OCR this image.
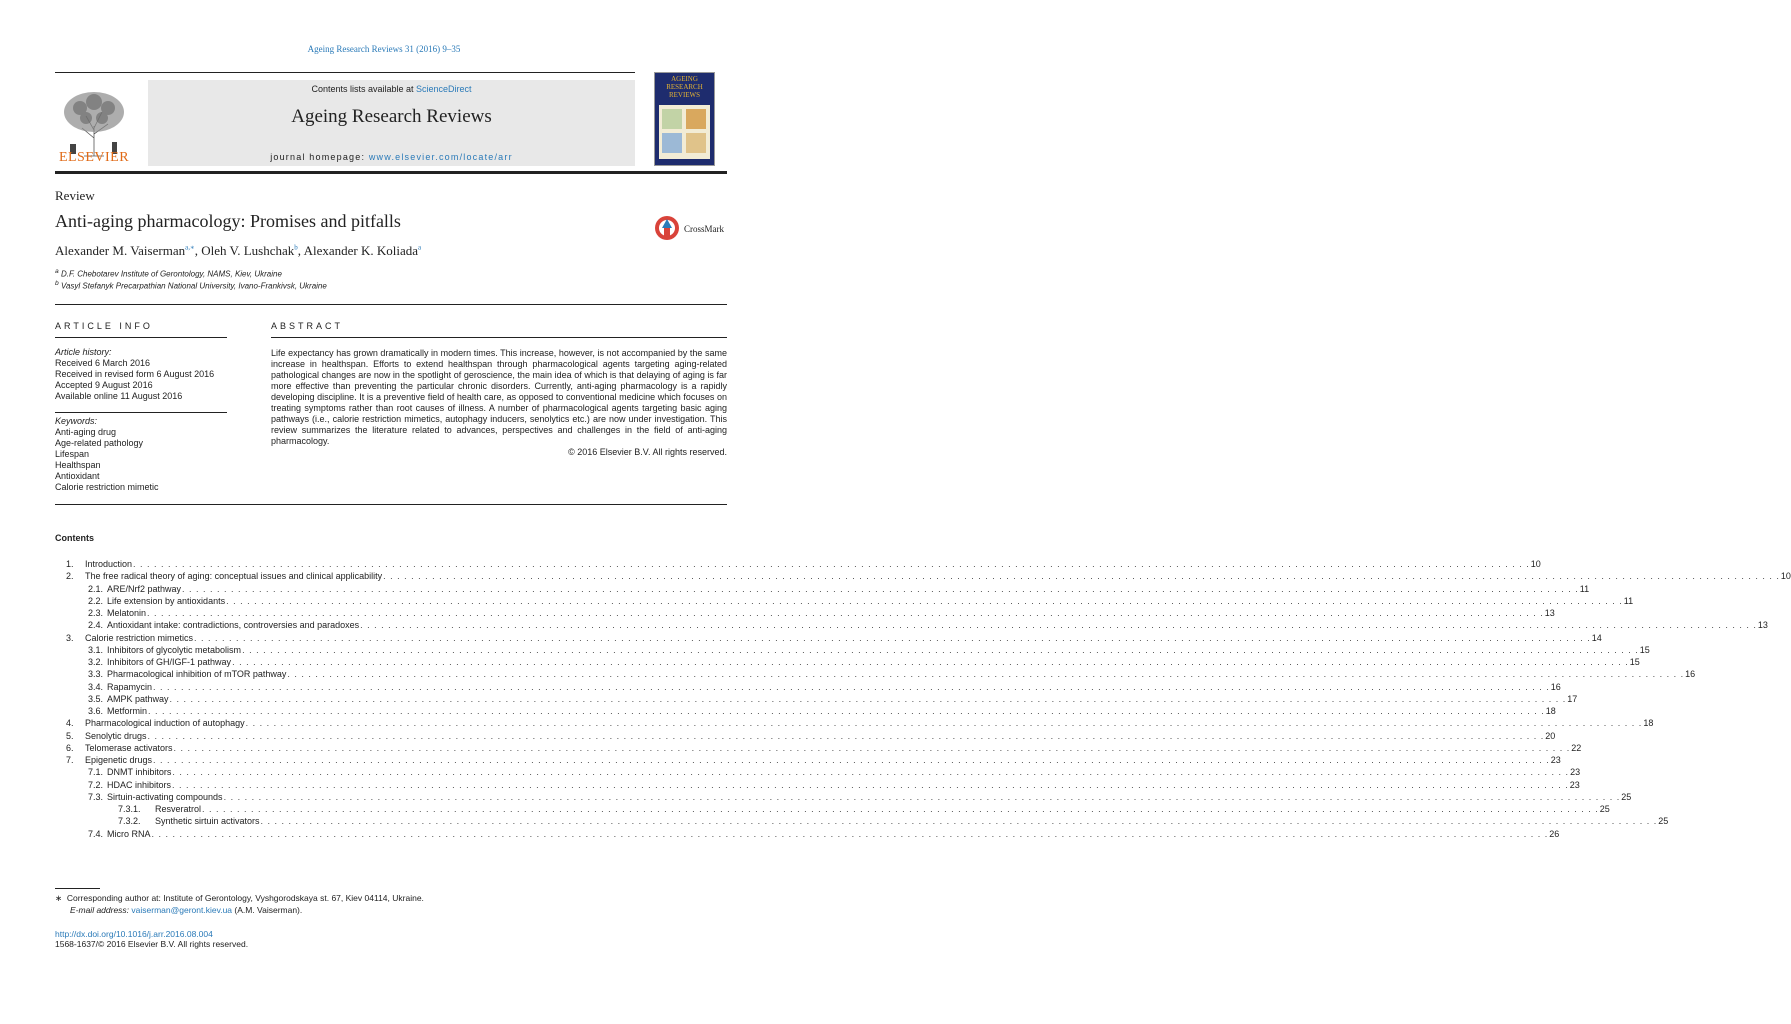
Ageing Research Reviews 31 (2016) 9–35
ELSEVIER
Contents lists available at ScienceDirect
Ageing Research Reviews
journal homepage: www.elsevier.com/locate/arr
AGEING RESEARCH REVIEWS
Review
Anti-aging pharmacology: Promises and pitfalls	CrossMark
Alexander M. Vaiserman$^{a,∗}$, Oleh V. Lushchak$^b$, Alexander K. Koliada$^a$
$^a$ D.F. Chebotarev Institute of Gerontology, NAMS, Kiev, Ukraine
$^b$ Vasyl Stefanyk Precarpathian National University, Ivano-Frankivsk, Ukraine
ARTICLE INFO
Article history:
Received 6 March 2016
Received in revised form 6 August 2016
Accepted 9 August 2016
Available online 11 August 2016
Keywords:
Anti-aging drug
Age-related pathology
Lifespan
Healthspan
Antioxidant
Calorie restriction mimetic
ABSTRACT
Life expectancy has grown dramatically in modern times. This increase, however, is not accompanied by the same increase in healthspan. Efforts to extend healthspan through pharmacological agents targeting aging-related pathological changes are now in the spotlight of geroscience, the main idea of which is that delaying of aging is far more effective than preventing the particular chronic disorders. Currently, anti-aging pharmacology is a rapidly developing discipline. It is a preventive field of health care, as opposed to conventional medicine which focuses on treating symptoms rather than root causes of illness. A number of pharmacological agents targeting basic aging pathways (i.e., calorie restriction mimetics, autophagy inducers, senolytics etc.) are now under investigation. This review summarizes the literature related to advances, perspectives and challenges in the field of anti-aging pharmacology.
© 2016 Elsevier B.V. All rights reserved.
Contents
1. Introduction . . . . . . . . . . . . . . . . . . . . . . . . . . . . . . . . . . . . . . . . . . . . . . . . . . . . . . . . . . . . . . . . . . . . . . . . . . . . . . . . . . . . . . . . . . . . . . . . . . . . . . . . . . . . . . . . . . . . . . . . . . . . . . . . . . . . . . . . . . . . . . . . . . . . . . . . . . . . . . . . . . . . . . . . . . . . . . . . . . . . . . . . . . . . . . . . . . . . . . . . 10
2. The free radical theory of aging: conceptual issues and clinical applicability . . . . . . . . . . . . . . . . . . . . . . . . . . . . . . . . . . . . . . . . . . . . . . . . . . . . . . . . . . . . . . . . . . . . . . . . . . . . . . . . . . . . . . . . . . . . . . . . . . . . . . . . . . . . . . . . . . . . . . . . . . . . . . . . . . . . . . . . . . . . . . . . . . . . . . . . . . . . . . . . . . . . . . . . . . . . . . . . . . . . . . . . . . . . . . . . . . . . . . . . 10
2.1. ARE/Nrf2 pathway . . . . . . . . . . . . . . . . . . . . . . . . . . . . . . . . . . . . . . . . . . . . . . . . . . . . . . . . . . . . . . . . . . . . . . . . . . . . . . . . . . . . . . . . . . . . . . . . . . . . . . . . . . . . . . . . . . . . . . . . . . . . . . . . . . . . . . . . . . . . . . . . . . . . . . . . . . . . . . . . . . . . . . . . . . . . . . . . . . . . . . . . . . . . . . . . . . . . . . . . 11
2.2. Life extension by antioxidants . . . . . . . . . . . . . . . . . . . . . . . . . . . . . . . . . . . . . . . . . . . . . . . . . . . . . . . . . . . . . . . . . . . . . . . . . . . . . . . . . . . . . . . . . . . . . . . . . . . . . . . . . . . . . . . . . . . . . . . . . . . . . . . . . . . . . . . . . . . . . . . . . . . . . . . . . . . . . . . . . . . . . . . . . . . . . . . . . . . . . . . . . . . . . . . . . . . . . . . . 11
2.3. Melatonin . . . . . . . . . . . . . . . . . . . . . . . . . . . . . . . . . . . . . . . . . . . . . . . . . . . . . . . . . . . . . . . . . . . . . . . . . . . . . . . . . . . . . . . . . . . . . . . . . . . . . . . . . . . . . . . . . . . . . . . . . . . . . . . . . . . . . . . . . . . . . . . . . . . . . . . . . . . . . . . . . . . . . . . . . . . . . . . . . . . . . . . . . . . . . . . . . . . . . . . . 13
2.4. Antioxidant intake: contradictions, controversies and paradoxes . . . . . . . . . . . . . . . . . . . . . . . . . . . . . . . . . . . . . . . . . . . . . . . . . . . . . . . . . . . . . . . . . . . . . . . . . . . . . . . . . . . . . . . . . . . . . . . . . . . . . . . . . . . . . . . . . . . . . . . . . . . . . . . . . . . . . . . . . . . . . . . . . . . . . . . . . . . . . . . . . . . . . . . . . . . . . . . . . . . . . . . . . . . . . . . . . . . . . . . . 13
3. Calorie restriction mimetics . . . . . . . . . . . . . . . . . . . . . . . . . . . . . . . . . . . . . . . . . . . . . . . . . . . . . . . . . . . . . . . . . . . . . . . . . . . . . . . . . . . . . . . . . . . . . . . . . . . . . . . . . . . . . . . . . . . . . . . . . . . . . . . . . . . . . . . . . . . . . . . . . . . . . . . . . . . . . . . . . . . . . . . . . . . . . . . . . . . . . . . . . . . . . . . . . . . . . . . . 14
3.1. Inhibitors of glycolytic metabolism . . . . . . . . . . . . . . . . . . . . . . . . . . . . . . . . . . . . . . . . . . . . . . . . . . . . . . . . . . . . . . . . . . . . . . . . . . . . . . . . . . . . . . . . . . . . . . . . . . . . . . . . . . . . . . . . . . . . . . . . . . . . . . . . . . . . . . . . . . . . . . . . . . . . . . . . . . . . . . . . . . . . . . . . . . . . . . . . . . . . . . . . . . . . . . . . . . . . . . . . 15
3.2. Inhibitors of GH/IGF-1 pathway . . . . . . . . . . . . . . . . . . . . . . . . . . . . . . . . . . . . . . . . . . . . . . . . . . . . . . . . . . . . . . . . . . . . . . . . . . . . . . . . . . . . . . . . . . . . . . . . . . . . . . . . . . . . . . . . . . . . . . . . . . . . . . . . . . . . . . . . . . . . . . . . . . . . . . . . . . . . . . . . . . . . . . . . . . . . . . . . . . . . . . . . . . . . . . . . . . . . . . . . 15
3.3. Pharmacological inhibition of mTOR pathway . . . . . . . . . . . . . . . . . . . . . . . . . . . . . . . . . . . . . . . . . . . . . . . . . . . . . . . . . . . . . . . . . . . . . . . . . . . . . . . . . . . . . . . . . . . . . . . . . . . . . . . . . . . . . . . . . . . . . . . . . . . . . . . . . . . . . . . . . . . . . . . . . . . . . . . . . . . . . . . . . . . . . . . . . . . . . . . . . . . . . . . . . . . . . . . . . . . . . . . . 16
3.4. Rapamycin . . . . . . . . . . . . . . . . . . . . . . . . . . . . . . . . . . . . . . . . . . . . . . . . . . . . . . . . . . . . . . . . . . . . . . . . . . . . . . . . . . . . . . . . . . . . . . . . . . . . . . . . . . . . . . . . . . . . . . . . . . . . . . . . . . . . . . . . . . . . . . . . . . . . . . . . . . . . . . . . . . . . . . . . . . . . . . . . . . . . . . . . . . . . . . . . . . . . . . . . 16
3.5. AMPK pathway . . . . . . . . . . . . . . . . . . . . . . . . . . . . . . . . . . . . . . . . . . . . . . . . . . . . . . . . . . . . . . . . . . . . . . . . . . . . . . . . . . . . . . . . . . . . . . . . . . . . . . . . . . . . . . . . . . . . . . . . . . . . . . . . . . . . . . . . . . . . . . . . . . . . . . . . . . . . . . . . . . . . . . . . . . . . . . . . . . . . . . . . . . . . . . . . . . . . . . . . 17
3.6. Metformin . . . . . . . . . . . . . . . . . . . . . . . . . . . . . . . . . . . . . . . . . . . . . . . . . . . . . . . . . . . . . . . . . . . . . . . . . . . . . . . . . . . . . . . . . . . . . . . . . . . . . . . . . . . . . . . . . . . . . . . . . . . . . . . . . . . . . . . . . . . . . . . . . . . . . . . . . . . . . . . . . . . . . . . . . . . . . . . . . . . . . . . . . . . . . . . . . . . . . . . . 18
4. Pharmacological induction of autophagy . . . . . . . . . . . . . . . . . . . . . . . . . . . . . . . . . . . . . . . . . . . . . . . . . . . . . . . . . . . . . . . . . . . . . . . . . . . . . . . . . . . . . . . . . . . . . . . . . . . . . . . . . . . . . . . . . . . . . . . . . . . . . . . . . . . . . . . . . . . . . . . . . . . . . . . . . . . . . . . . . . . . . . . . . . . . . . . . . . . . . . . . . . . . . . . . . . . . . . . . 18
5. Senolytic drugs . . . . . . . . . . . . . . . . . . . . . . . . . . . . . . . . . . . . . . . . . . . . . . . . . . . . . . . . . . . . . . . . . . . . . . . . . . . . . . . . . . . . . . . . . . . . . . . . . . . . . . . . . . . . . . . . . . . . . . . . . . . . . . . . . . . . . . . . . . . . . . . . . . . . . . . . . . . . . . . . . . . . . . . . . . . . . . . . . . . . . . . . . . . . . . . . . . . . . . . . 20
6. Telomerase activators . . . . . . . . . . . . . . . . . . . . . . . . . . . . . . . . . . . . . . . . . . . . . . . . . . . . . . . . . . . . . . . . . . . . . . . . . . . . . . . . . . . . . . . . . . . . . . . . . . . . . . . . . . . . . . . . . . . . . . . . . . . . . . . . . . . . . . . . . . . . . . . . . . . . . . . . . . . . . . . . . . . . . . . . . . . . . . . . . . . . . . . . . . . . . . . . . . . . . . . . 22
7. Epigenetic drugs . . . . . . . . . . . . . . . . . . . . . . . . . . . . . . . . . . . . . . . . . . . . . . . . . . . . . . . . . . . . . . . . . . . . . . . . . . . . . . . . . . . . . . . . . . . . . . . . . . . . . . . . . . . . . . . . . . . . . . . . . . . . . . . . . . . . . . . . . . . . . . . . . . . . . . . . . . . . . . . . . . . . . . . . . . . . . . . . . . . . . . . . . . . . . . . . . . . . . . . . 23
7.1. DNMT inhibitors . . . . . . . . . . . . . . . . . . . . . . . . . . . . . . . . . . . . . . . . . . . . . . . . . . . . . . . . . . . . . . . . . . . . . . . . . . . . . . . . . . . . . . . . . . . . . . . . . . . . . . . . . . . . . . . . . . . . . . . . . . . . . . . . . . . . . . . . . . . . . . . . . . . . . . . . . . . . . . . . . . . . . . . . . . . . . . . . . . . . . . . . . . . . . . . . . . . . . . . . 23
7.2. HDAC inhibitors . . . . . . . . . . . . . . . . . . . . . . . . . . . . . . . . . . . . . . . . . . . . . . . . . . . . . . . . . . . . . . . . . . . . . . . . . . . . . . . . . . . . . . . . . . . . . . . . . . . . . . . . . . . . . . . . . . . . . . . . . . . . . . . . . . . . . . . . . . . . . . . . . . . . . . . . . . . . . . . . . . . . . . . . . . . . . . . . . . . . . . . . . . . . . . . . . . . . . . . . 23
7.3. Sirtuin-activating compounds . . . . . . . . . . . . . . . . . . . . . . . . . . . . . . . . . . . . . . . . . . . . . . . . . . . . . . . . . . . . . . . . . . . . . . . . . . . . . . . . . . . . . . . . . . . . . . . . . . . . . . . . . . . . . . . . . . . . . . . . . . . . . . . . . . . . . . . . . . . . . . . . . . . . . . . . . . . . . . . . . . . . . . . . . . . . . . . . . . . . . . . . . . . . . . . . . . . . . . . . 25
7.3.1. Resveratrol . . . . . . . . . . . . . . . . . . . . . . . . . . . . . . . . . . . . . . . . . . . . . . . . . . . . . . . . . . . . . . . . . . . . . . . . . . . . . . . . . . . . . . . . . . . . . . . . . . . . . . . . . . . . . . . . . . . . . . . . . . . . . . . . . . . . . . . . . . . . . . . . . . . . . . . . . . . . . . . . . . . . . . . . . . . . . . . . . . . . . . . . . . . . . . . . . . . . . . . . 25
7.3.2. Synthetic sirtuin activators . . . . . . . . . . . . . . . . . . . . . . . . . . . . . . . . . . . . . . . . . . . . . . . . . . . . . . . . . . . . . . . . . . . . . . . . . . . . . . . . . . . . . . . . . . . . . . . . . . . . . . . . . . . . . . . . . . . . . . . . . . . . . . . . . . . . . . . . . . . . . . . . . . . . . . . . . . . . . . . . . . . . . . . . . . . . . . . . . . . . . . . . . . . . . . . . . . . . . . . . 25
7.4. Micro RNA . . . . . . . . . . . . . . . . . . . . . . . . . . . . . . . . . . . . . . . . . . . . . . . . . . . . . . . . . . . . . . . . . . . . . . . . . . . . . . . . . . . . . . . . . . . . . . . . . . . . . . . . . . . . . . . . . . . . . . . . . . . . . . . . . . . . . . . . . . . . . . . . . . . . . . . . . . . . . . . . . . . . . . . . . . . . . . . . . . . . . . . . . . . . . . . . . . . . . . . . 26
∗ Corresponding author at: Institute of Gerontology, Vyshgorodskaya st. 67, Kiev 04114, Ukraine.
E-mail address: vaiserman@geront.kiev.ua (A.M. Vaiserman).
http://dx.doi.org/10.1016/j.arr.2016.08.004
1568-1637/© 2016 Elsevier B.V. All rights reserved.
